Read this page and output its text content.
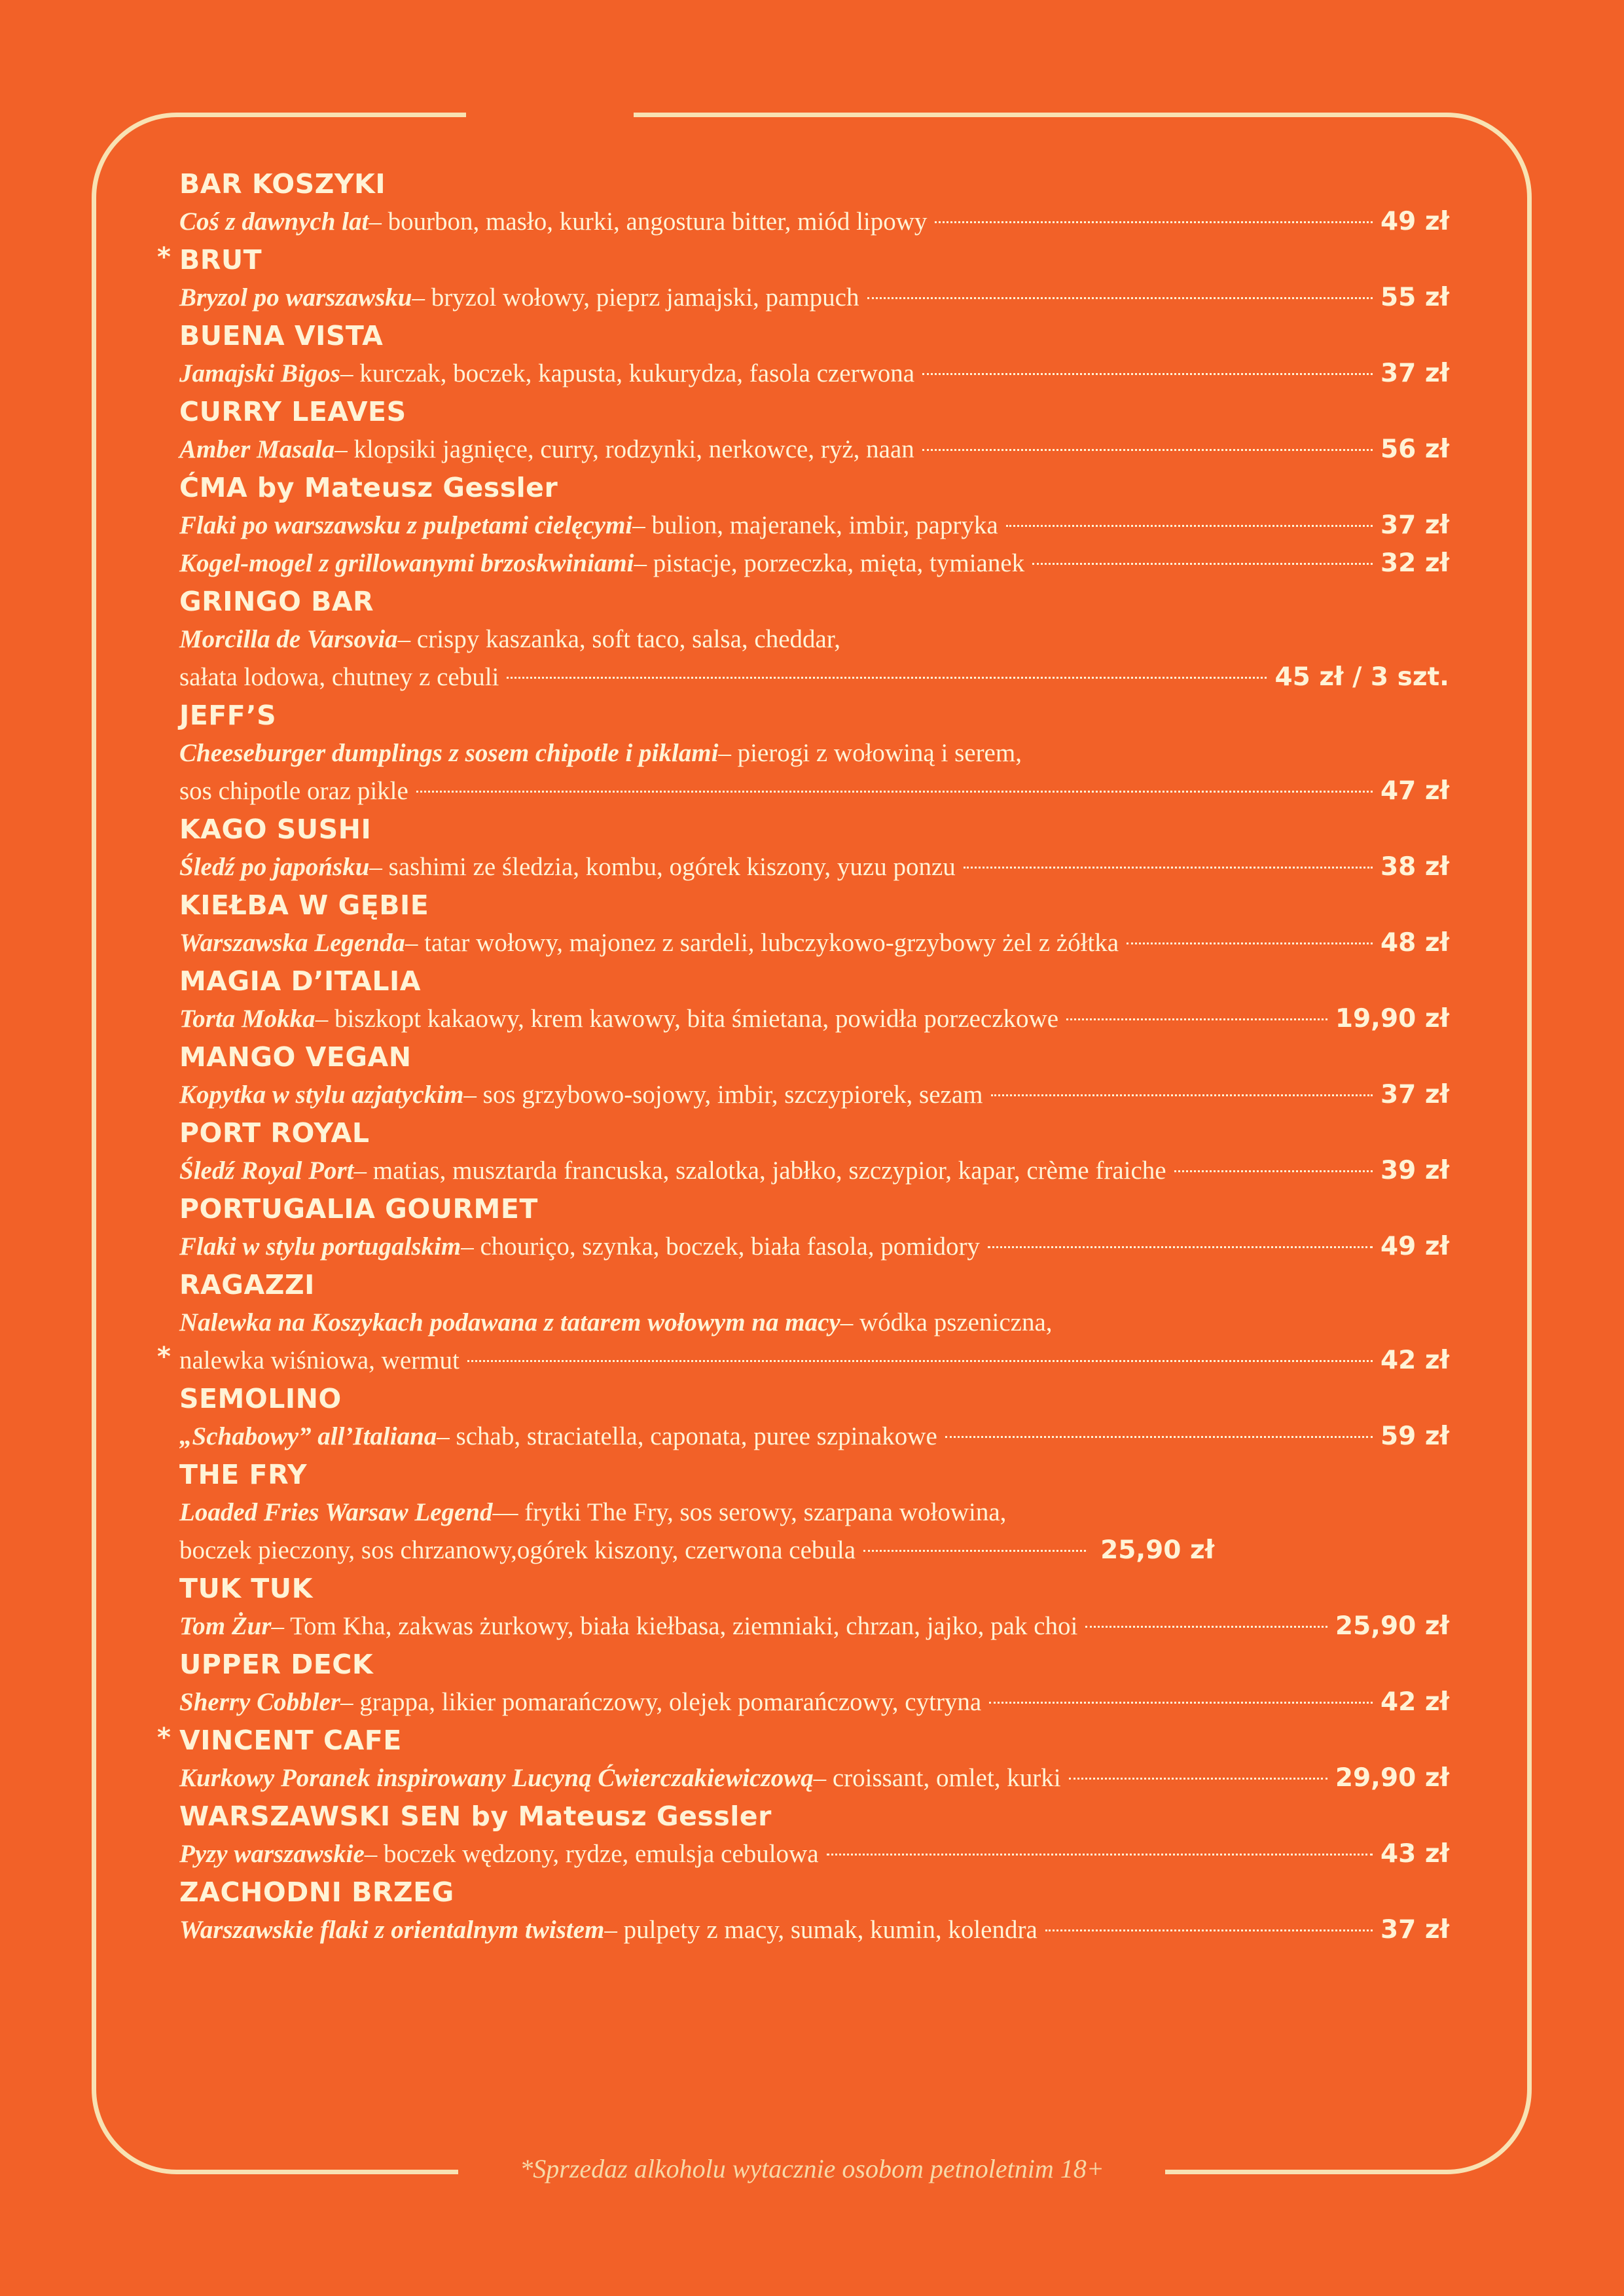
BAR KOSZYKI
Coś z dawnych lat – bourbon, masło, kurki, angostura bitter, miód lipowy	49 zł
* BRUT
Bryzol po warszawsku – bryzol wołowy, pieprz jamajski, pampuch	55 zł
BUENA VISTA
Jamajski Bigos – kurczak, boczek, kapusta, kukurydza, fasola czerwona	37 zł
CURRY LEAVES
Amber Masala – klopsiki jagnięce, curry, rodzynki, nerkowce, ryż, naan	56 zł
ĆMA by Mateusz Gessler
Flaki po warszawsku z pulpetami cielęcymi – bulion, majeranek, imbir, papryka	37 zł
Kogel-mogel z grillowanymi brzoskwiniami – pistacje, porzeczka, mięta, tymianek	32 zł
GRINGO BAR
Morcilla de Varsovia – crispy kaszanka, soft taco, salsa, cheddar,
sałata lodowa, chutney z cebuli	45 zł / 3 szt.
JEFF’S
Cheeseburger dumplings z sosem chipotle i piklami – pierogi z wołowiną i serem,
sos chipotle oraz pikle	47 zł
KAGO SUSHI
Śledź po japońsku – sashimi ze śledzia, kombu, ogórek kiszony, yuzu ponzu	38 zł
KIEŁBA W GĘBIE
Warszawska Legenda – tatar wołowy, majonez z sardeli, lubczykowo-grzybowy żel z żółtka	48 zł
MAGIA D’ITALIA
Torta Mokka – biszkopt kakaowy, krem kawowy, bita śmietana, powidła porzeczkowe	19,90 zł
MANGO VEGAN
Kopytka w stylu azjatyckim – sos grzybowo-sojowy, imbir, szczypiorek, sezam	37 zł
PORT ROYAL
Śledź Royal Port – matias, musztarda francuska, szalotka, jabłko, szczypior, kapar, crème fraiche	39 zł
PORTUGALIA GOURMET
Flaki w stylu portugalskim – chouriço, szynka, boczek, biała fasola, pomidory	49 zł
*
RAGAZZI
Nalewka na Koszykach podawana z tatarem wołowym na macy – wódka pszeniczna,
nalewka wiśniowa, wermut	42 zł
SEMOLINO
„Schabowy” all’Italiana – schab, straciatella, caponata, puree szpinakowe	59 zł
THE FRY
Loaded Fries Warsaw Legend — frytki The Fry, sos serowy, szarpana wołowina,
boczek pieczony, sos chrzanowy,ogórek kiszony, czerwona cebula	25,90 zł
TUK TUK
Tom Żur – Tom Kha, zakwas żurkowy, biała kiełbasa, ziemniaki, chrzan, jajko, pak choi	25,90 zł
UPPER DECK
Sherry Cobbler – grappa, likier pomarańczowy, olejek pomarańczowy, cytryna	42 zł
* VINCENT CAFE
Kurkowy Poranek inspirowany Lucyną Ćwierczakiewiczową – croissant, omlet, kurki	29,90 zł
WARSZAWSKI SEN by Mateusz Gessler
Pyzy warszawskie – boczek wędzony, rydze, emulsja cebulowa	43 zł
ZACHODNI BRZEG
Warszawskie flaki z orientalnym twistem – pulpety z macy, sumak, kumin, kolendra	37 zł
*Sprzedaz alkoholu wytacznie osobom petnoletnim 18+
